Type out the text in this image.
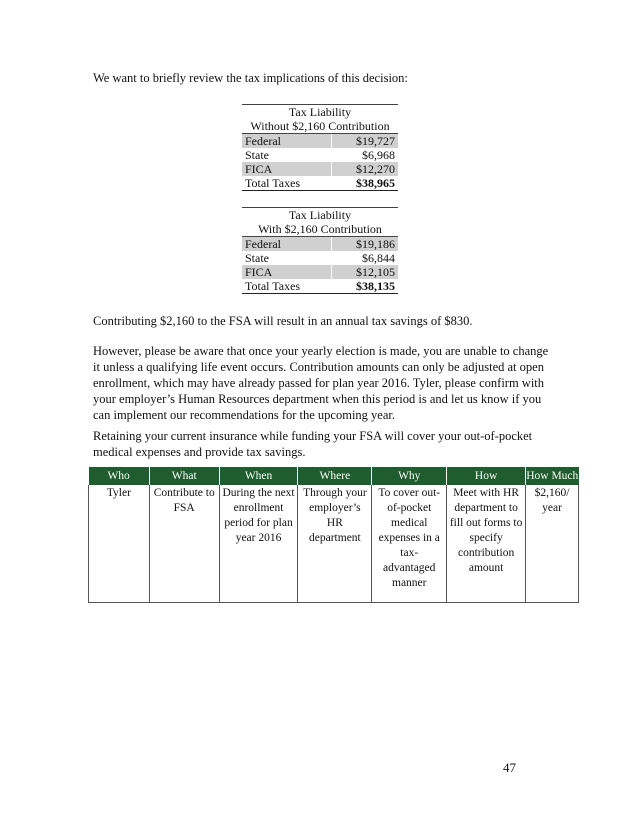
We want to briefly review the tax implications of this decision:
Tax Liability	
Without $2,160 Contribution	
Federal	$19,727
State	$6,968
FICA	$12,270
Total Taxes	$38,965
Tax Liability	
With $2,160 Contribution	
Federal	$19,186
State	$6,844
FICA	$12,105
Total Taxes	$38,135
Contributing $2,160 to the FSA will result in an annual tax savings of $830.
However, please be aware that once your yearly election is made, you are unable to change it unless a qualifying life event occurs. Contribution amounts can only be adjusted at open enrollment, which may have already passed for plan year 2016. Tyler, please confirm with your employer’s Human Resources department when this period is and let us know if you can implement our recommendations for the upcoming year.
Retaining your current insurance while funding your FSA will cover your out-of-pocket medical expenses and provide tax savings.
Who	What	When	Where	Why	How	How Much
Tyler	Contribute to FSA	During the next enrollment period for plan year 2016	Through your employer’s HR department	To cover out-of-pocket medical expenses in a tax-advantaged manner	Meet with HR department to fill out forms to specify contribution amount	$2,160/ year
47
